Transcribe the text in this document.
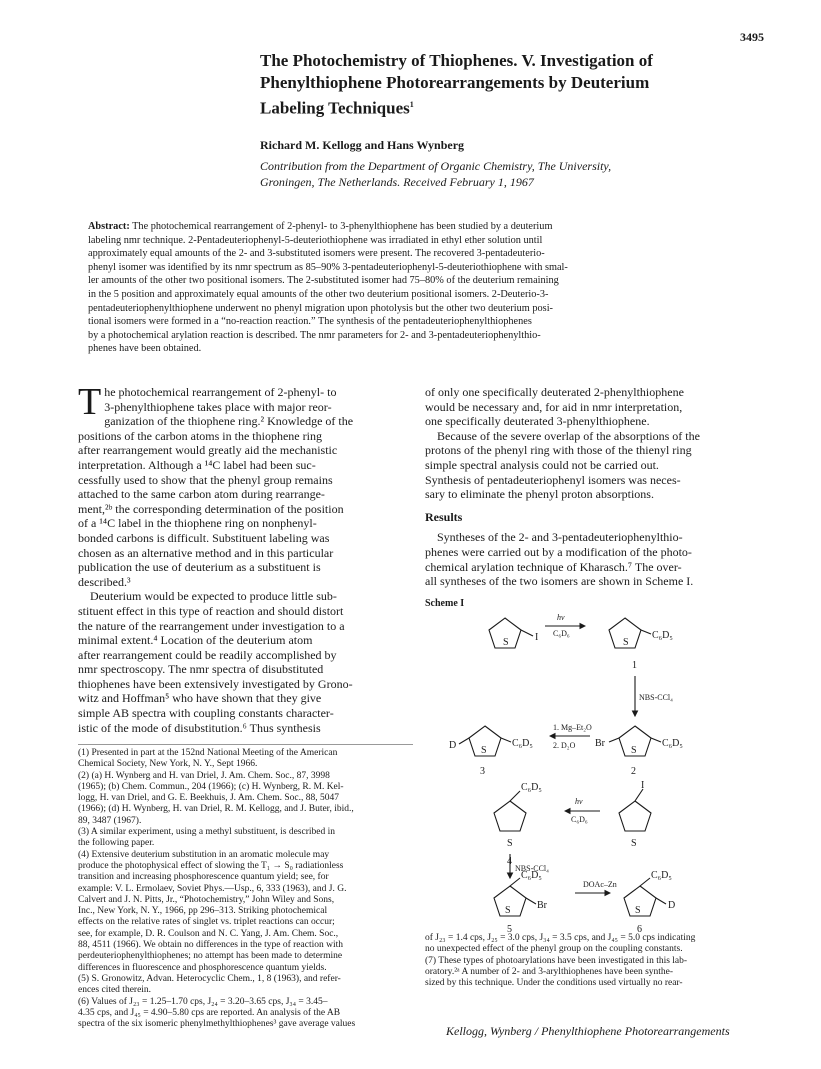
3495
The Photochemistry of Thiophenes. V. Investigation of
Phenylthiophene Photorearrangements by Deuterium
Labeling Techniques$^1$
Richard M. Kellogg and Hans Wynberg
Contribution from the Department of Organic Chemistry, The University,
Groningen, The Netherlands. Received February 1, 1967
Abstract: The photochemical rearrangement of 2-phenyl- to 3-phenylthiophene has been studied by a deuterium
labeling nmr technique. 2-Pentadeuteriophenyl-5-deuteriothiophene was irradiated in ethyl ether solution until
approximately equal amounts of the 2- and 3-substituted isomers were present. The recovered 3-pentadeuterio-
phenyl isomer was identified by its nmr spectrum as 85–90% 3-pentadeuteriophenyl-5-deuteriothiophene with smal-
ler amounts of the other two positional isomers. The 2-substituted isomer had 75–80% of the deuterium remaining
in the 5 position and approximately equal amounts of the other two deuterium positional isomers. 2-Deuterio-3-
pentadeuteriophenylthiophene underwent no phenyl migration upon photolysis but the other two deuterium posi-
tional isomers were formed in a “no-reaction reaction.” The synthesis of the pentadeuteriophenylthiophenes
by a photochemical arylation reaction is described. The nmr parameters for 2- and 3-pentadeuteriophenylthio-
phenes have been obtained.
T he photochemical rearrangement of 2-phenyl- to
3-phenylthiophene takes place with major reor-
ganization of the thiophene ring.² Knowledge of the
positions of the carbon atoms in the thiophene ring
after rearrangement would greatly aid the mechanistic
interpretation. Although a ¹⁴C label had been suc-
cessfully used to show that the phenyl group remains
attached to the same carbon atom during rearrange-
ment,²ᵇ the corresponding determination of the position
of a ¹⁴C label in the thiophene ring on nonphenyl-
bonded carbons is difficult. Substituent labeling was
chosen as an alternative method and in this particular
publication the use of deuterium as a substituent is
described.³
Deuterium would be expected to produce little sub-
stituent effect in this type of reaction and should distort
the nature of the rearrangement under investigation to a
minimal extent.⁴ Location of the deuterium atom
after rearrangement could be readily accomplished by
nmr spectroscopy. The nmr spectra of disubstituted
thiophenes have been extensively investigated by Grono-
witz and Hoffman⁵ who have shown that they give
simple AB spectra with coupling constants character-
istic of the mode of disubstitution.⁶ Thus synthesis
of only one specifically deuterated 2-phenylthiophene
would be necessary and, for aid in nmr interpretation,
one specifically deuterated 3-phenylthiophene.
Because of the severe overlap of the absorptions of the
protons of the phenyl ring with those of the thienyl ring
simple spectral analysis could not be carried out.
Synthesis of pentadeuteriophenyl isomers was neces-
sary to eliminate the phenyl proton absorptions.
Results
Syntheses of the 2- and 3-pentadeuteriophenylthio-
phenes were carried out by a modification of the photo-
chemical arylation technique of Kharasch.⁷ The over-
all syntheses of the two isomers are shown in Scheme I.
Scheme I
S	I
hν
C₆D₆
S
C₆D₅
1
NBS-CCl₄
D S
C₆D₅
3
1. Mg–Et₂O
2. D₂O Br
S
C₆D₅
2
C₆D₅
S
4
hν
C₆D₆
I
S
NBS-CCl₄
C₆D₅
S	Br
DOAc–Zn
C₆D₅
S	D
5	6
(1) Presented in part at the 152nd National Meeting of the American
Chemical Society, New York, N. Y., Sept 1966.
(2) (a) H. Wynberg and H. van Driel, J. Am. Chem. Soc., 87, 3998
(1965); (b) Chem. Commun., 204 (1966); (c) H. Wynberg, R. M. Kel-
logg, H. van Driel, and G. E. Beekhuis, J. Am. Chem. Soc., 88, 5047
(1966); (d) H. Wynberg, H. van Driel, R. M. Kellogg, and J. Buter, ibid.,
89, 3487 (1967).
(3) A similar experiment, using a methyl substituent, is described in
the following paper.
(4) Extensive deuterium substitution in an aromatic molecule may
produce the photophysical effect of slowing the T₁ → S₀ radiationless
transition and increasing phosphorescence quantum yield; see, for
example: V. L. Ermolaev, Soviet Phys.—Usp., 6, 333 (1963), and J. G.
Calvert and J. N. Pitts, Jr., “Photochemistry,” John Wiley and Sons,
Inc., New York, N. Y., 1966, pp 296–313. Striking photochemical
effects on the relative rates of singlet vs. triplet reactions can occur;
see, for example, D. R. Coulson and N. C. Yang, J. Am. Chem. Soc.,
88, 4511 (1966). We obtain no differences in the type of reaction with
perdeuteriophenylthiophenes; no attempt has been made to determine
differences in fluorescence and phosphorescence quantum yields.
(5) S. Gronowitz, Advan. Heterocyclic Chem., 1, 8 (1963), and refer-
ences cited therein.
(6) Values of J₂₃ = 1.25–1.70 cps, J₂₄ = 3.20–3.65 cps, J₃₄ = 3.45–
4.35 cps, and J₄₅ = 4.90–5.80 cps are reported. An analysis of the AB
spectra of the six isomeric phenylmethylthiophenes³ gave average values
of J₂₃ = 1.4 cps, J₂₅ = 3.0 cps, J₃₄ = 3.5 cps, and J₄₅ = 5.0 cps indicating
no unexpected effect of the phenyl group on the coupling constants.
(7) These types of photoarylations have been investigated in this lab-
oratory.²ᵃ A number of 2- and 3-arylthiophenes have been synthe-
sized by this technique. Under the conditions used virtually no rear-
Kellogg, Wynberg / Phenylthiophene Photorearrangements
